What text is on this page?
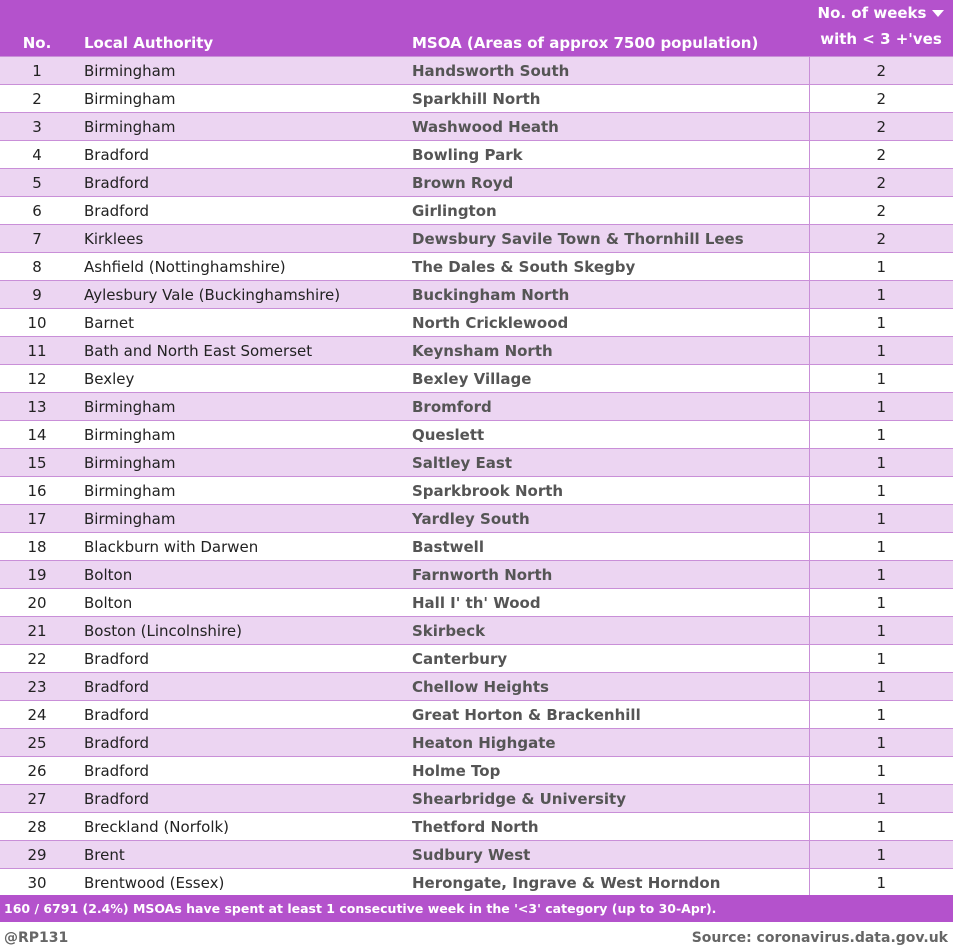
No.	Local Authority	MSOA (Areas of approx 7500 population)	No. of weeks
with < 3 +'ves
1	Birmingham	Handsworth South	2
2	Birmingham	Sparkhill North	2
3	Birmingham	Washwood Heath	2
4	Bradford	Bowling Park	2
5	Bradford	Brown Royd	2
6	Bradford	Girlington	2
7	Kirklees	Dewsbury Savile Town & Thornhill Lees	2
8	Ashfield (Nottinghamshire)	The Dales & South Skegby	1
9	Aylesbury Vale (Buckinghamshire)	Buckingham North	1
10	Barnet	North Cricklewood	1
11	Bath and North East Somerset	Keynsham North	1
12	Bexley	Bexley Village	1
13	Birmingham	Bromford	1
14	Birmingham	Queslett	1
15	Birmingham	Saltley East	1
16	Birmingham	Sparkbrook North	1
17	Birmingham	Yardley South	1
18	Blackburn with Darwen	Bastwell	1
19	Bolton	Farnworth North	1
20	Bolton	Hall I' th' Wood	1
21	Boston (Lincolnshire)	Skirbeck	1
22	Bradford	Canterbury	1
23	Bradford	Chellow Heights	1
24	Bradford	Great Horton & Brackenhill	1
25	Bradford	Heaton Highgate	1
26	Bradford	Holme Top	1
27	Bradford	Shearbridge & University	1
28	Breckland (Norfolk)	Thetford North	1
29	Brent	Sudbury West	1
30	Brentwood (Essex)	Herongate, Ingrave & West Horndon	1
160 / 6791 (2.4%) MSOAs have spent at least 1 consecutive week in the '<3' category (up to 30-Apr).
@RP131	Source: coronavirus.data.gov.uk
